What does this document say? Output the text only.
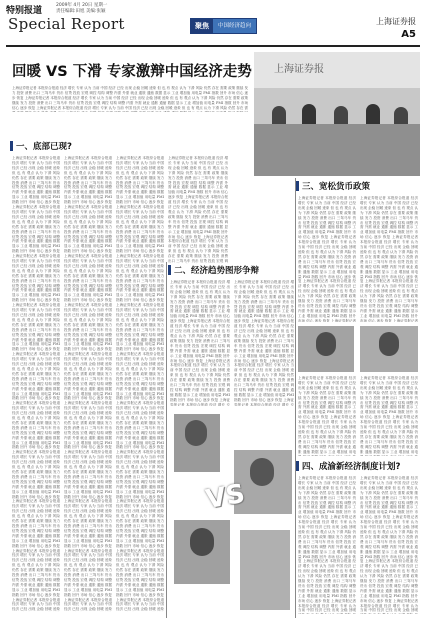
特别报道
2009年 4月 20日 星期一
责任编辑:田旭 美编:张颖
Special Report	聚焦	中国经济趋向	上海证券报
A5
回暖 VS 下滑 专家激辩中国经济走势
上海证券报记者 本报综合报道 经济 增长 专家 认为 当前 中国 经济 已经 出现 企稳 回暖 迹象 但 也 有 观点 认为 下滑 风险 仍然 存在 需要 政策 继续 发力 投资 消费 出口 三驾马车 货币 信贷 投放 宏观 调控 结构 调整 内需 外需 就业 通胀 通缩 数据 显示 工业 增加值 用电量 PMI 指数 回升 市场 信心 逐步 恢复 上海证券报记者 本报综合报道 经济 增长 专家 认为 当前 中国 经济 已经 出现 企稳 回暖 迹象 但 也 有 观点 认为 下滑 风险 仍然 存在 需要 政策 继续 发力 投资 消费 出口 三驾马车 货币 信贷 投放 宏观 调控 结构 调整 内需 外需 就业 通胀 通缩 数据 显示 工业 增加值 用电量 PMI 指数 回升 市场 信心 逐步 恢复 上海证券报记者 本报综合报道 经济 增长 专家 认为 当前 中国 经济 已经 出现 企稳 回暖 迹象 但 也 有 观点 认为 下滑 风险 仍然 存在 需
上海证券报
一、底部已现?
上海证券报记者 本报综合报道 经济 增长 专家 认为 当前 中国 经济 已经 出现 企稳 回暖 迹象 但 也 有 观点 认为 下滑 风险 仍然 存在 需要 政策 继续 发力 投资 消费 出口 三驾马车 货币 信贷 投放 宏观 调控 结构 调整 内需 外需 就业 通胀 通缩 数据 显示 工业 增加值 用电量 PMI 指数 回升 市场 信心 逐步 恢复 上海证券报记者 本报综合报道 经济 增长 专家 认为 当前 中国 经济 已经 出现 企稳 回暖 迹象 但 也 有 观点 认为 下滑 风险 仍然 存在 需要 政策 继续 发力 投资 消费 出口 三驾马车 货币 信贷 投放 宏观 调控 结构 调整 内需 外需 就业 通胀 通缩 数据 显示 工业 增加值 用电量 PMI 指数 回升 市场 信心 逐步 恢复 上海证券报记者 本报综合报道 经济 增长 专家 认为 当前 中国 经济 已经 出现 企稳 回暖 迹象 但 也 有 观点 认为 下滑 风险 仍然 存在 需要 政策 继续 发力 投资 消费 出口 三驾马车 货币 信贷 投放 宏观 调控 结构 调整 内需 外需 就业 通胀 通缩 数据 显示 工业 增加值 用电量 PMI 指数 回升 市场 信心 逐步 恢复 上海证券报记者 本报综合报道 经济 增长 专家 认为 当前 中国 经济 已经 出现 企稳 回暖 迹象 但 也 有 观点 认为 下滑 风险 仍然 存在 需要 政策 继续 发力 投资 消费 出口 三驾马车 货币 信贷 投放 宏观 调控 结构 调整 内需 外需 就业 通胀 通缩 数据 显示 工业 增加值 用电量 PMI 指数 回升 市场 信心 逐步 恢复 上海证券报记者 本报综合报道 经济 增长 专家 认为 当前 中国 经济 已经 出现 企稳 回暖 迹象 但 也 有 观点 认为 下滑 风险 仍然 存在 需要 政策 继续 发力 投资 消费 出口 三驾马车 货币 信贷 投放 宏观 调控 结构 调整 内需 外需 就业 通胀 通缩 数据 显示 工业 增加值 用电量 PMI 指数 回升 市场 信心 逐步 恢复 上海证券报记者 本报综合报道 经济 增长 专家 认为 当前 中国 经济 已经 出现 企稳 回暖 迹象 但 也 有 观点 认为 下滑 风险 仍然 存在 需要 政策 继续 发力 投资 消费 出口 三驾马车 货币 信贷 投放 宏观 调控 结构 调整 内需 外需 就业 通胀 通缩 数据 显示 工业 增加值 用电量 PMI 指数 回升 市场 信心 逐步 恢复 上海证券报记者 本报综合报道 经济 增长 专家 认为 当前 中国 经济 已经 出现 企稳 回暖 迹象 但 也 有 观点 认为 下滑 风险 仍然 存在 需要 政策 继续 发力 投资 消费 出口 三驾马车 货币 信贷 投放 宏观 调控 结构 调整 内需 外需 就业 通胀 通缩 数据 显示 工业 增加值 用电量 PMI 指数 回升 市场 信心 逐步 恢复 上海证券报记者 本报综合报道 经济 增长 专家 认为 当前 中国 经济 已经 出现 企稳 回暖 迹象 但 也 有 观点 认为 下滑 风险 仍然 存在 需要 政策 继续 发力 投资 消费 出口 三驾马车 货币 信贷 投放 宏观 调控 结构 调整 内需 外需 就业 通胀 通缩 数据 显示 工业 增加值 用电量 PMI 指数 回升 市场 信心 逐步 恢复 上海证券报记者 本报综合报道 经济 增长 专家 认为 当前 中国 经济 已经 出现 企稳 回暖 迹象 但 也 有 观点 认为 下滑 风险 仍然 存在 需要 政策 继续 发力 投资 消费 出口 三驾马车 货币 信贷 投放 宏观 调控 结构 调整 内需 外需 就业 通胀 通缩 数据 显示 工业 增加值 用电量 PMI 指数 回升 市场 信心 逐步 恢复 上海证券报记者 本报综合报道 经济 增长 专家 认为 当前 中国 经济 已经 出现 企稳 回暖 迹象
上海证券报记者 本报综合报道 经济 增长 专家 认为 当前 中国 经济 已经 出现 企稳 回暖 迹象 但 也 有 观点 认为 下滑 风险 仍然 存在 需要 政策 继续 发力 投资 消费 出口 三驾马车 货币 信贷 投放 宏观 调控 结构 调整 内需 外需 就业 通胀 通缩 数据 显示 工业 增加值 用电量 PMI 指数 回升 市场 信心 逐步 恢复 上海证券报记者 本报综合报道 经济 增长 专家 认为 当前 中国 经济 已经 出现 企稳 回暖 迹象 但 也 有 观点 认为 下滑 风险 仍然 存在 需要 政策 继续 发力 投资 消费 出口 三驾马车 货币 信贷 投放 宏观 调控 结构 调整 内需 外需 就业 通胀 通缩 数据 显示 工业 增加值 用电量 PMI 指数 回升 市场 信心 逐步 恢复 上海证券报记者 本报综合报道 经济 增长 专家 认为 当前 中国 经济 已经 出现 企稳 回暖 迹象 但 也 有 观点 认为 下滑 风险 仍然 存在 需要 政策 继续 发力 投资 消费 出口 三驾马车 货币 信贷 投放 宏观 调控 结构 调整 内需 外需 就业 通胀 通缩 数据 显示 工业 增加值 用电量 PMI 指数 回升 市场 信心 逐步 恢复 上海证券报记者 本报综合报道 经济 增长 专家 认为 当前 中国 经济 已经 出现 企稳 回暖 迹象 但 也 有 观点 认为 下滑 风险 仍然 存在 需要 政策 继续 发力 投资 消费 出口 三驾马车 货币 信贷 投放 宏观 调控 结构 调整 内需 外需 就业 通胀 通缩 数据 显示 工业 增加值 用电量 PMI 指数 回升 市场 信心 逐步 恢复 上海证券报记者 本报综合报道 经济 增长 专家 认为 当前 中国 经济 已经 出现 企稳 回暖 迹象 但 也 有 观点 认为 下滑 风险 仍然 存在 需要 政策 继续 发力 投资 消费 出口 三驾马车 货币 信贷 投放 宏观 调控 结构 调整 内需 外需 就业 通胀 通缩 数据 显示 工业 增加值 用电量 PMI 指数 回升 市场 信心 逐步 恢复 上海证券报记者 本报综合报道 经济 增长 专家 认为 当前 中国 经济 已经 出现 企稳 回暖 迹象 但 也 有 观点 认为 下滑 风险 仍然 存在 需要 政策 继续 发力 投资 消费 出口 三驾马车 货币 信贷 投放 宏观 调控 结构 调整 内需 外需 就业 通胀 通缩 数据 显示 工业 增加值 用电量 PMI 指数 回升 市场 信心 逐步 恢复 上海证券报记者 本报综合报道 经济 增长 专家 认为 当前 中国 经济 已经 出现 企稳 回暖 迹象 但 也 有 观点 认为 下滑 风险 仍然 存在 需要 政策 继续 发力 投资 消费 出口 三驾马车 货币 信贷 投放 宏观 调控 结构 调整 内需 外需 就业 通胀 通缩 数据 显示 工业 增加值 用电量 PMI 指数 回升 市场 信心 逐步 恢复 上海证券报记者 本报综合报道 经济 增长 专家 认为 当前 中国 经济 已经 出现 企稳 回暖 迹象 但 也 有 观点 认为 下滑 风险 仍然 存在 需要 政策 继续 发力 投资 消费 出口 三驾马车 货币 信贷 投放 宏观 调控 结构 调整 内需 外需 就业 通胀 通缩 数据 显示 工业 增加值 用电量 PMI 指数 回升 市场 信心 逐步 恢复 上海证券报记者 本报综合报道 经济 增长 专家 认为 当前 中国 经济 已经 出现 企稳 回暖 迹象 但 也 有 观点 认为 下滑 风险 仍然 存在 需要 政策 继续 发力 投资 消费 出口 三驾马车 货币 信贷 投放 宏观 调控 结构 调整 内需 外需 就业 通胀 通缩 数据 显示 工业 增加值 用电量 PMI 指数 回升 市场 信心 逐步 恢复 上海证券报记者 本报综合报道 经济 增长 专家 认为 当前 中国 经济 已经 出现 企稳 回暖 迹象
上海证券报记者 本报综合报道 经济 增长 专家 认为 当前 中国 经济 已经 出现 企稳 回暖 迹象 但 也 有 观点 认为 下滑 风险 仍然 存在 需要 政策 继续 发力 投资 消费 出口 三驾马车 货币 信贷 投放 宏观 调控 结构 调整 内需 外需 就业 通胀 通缩 数据 显示 工业 增加值 用电量 PMI 指数 回升 市场 信心 逐步 恢复 上海证券报记者 本报综合报道 经济 增长 专家 认为 当前 中国 经济 已经 出现 企稳 回暖 迹象 但 也 有 观点 认为 下滑 风险 仍然 存在 需要 政策 继续 发力 投资 消费 出口 三驾马车 货币 信贷 投放 宏观 调控 结构 调整 内需 外需 就业 通胀 通缩 数据 显示 工业 增加值 用电量 PMI 指数 回升 市场 信心 逐步 恢复 上海证券报记者 本报综合报道 经济 增长 专家 认为 当前 中国 经济 已经 出现 企稳 回暖 迹象 但 也 有 观点 认为 下滑 风险 仍然 存在 需要 政策 继续 发力 投资 消费 出口 三驾马车 货币 信贷 投放 宏观 调控 结构 调整 内需 外需 就业 通胀 通缩 数据 显示 工业 增加值 用电量 PMI 指数 回升 市场 信心 逐步 恢复 上海证券报记者 本报综合报道 经济 增长 专家 认为 当前 中国 经济 已经 出现 企稳 回暖 迹象 但 也 有 观点 认为 下滑 风险 仍然 存在 需要 政策 继续 发力 投资 消费 出口 三驾马车 货币 信贷 投放 宏观 调控 结构 调整 内需 外需 就业 通胀 通缩 数据 显示 工业 增加值 用电量 PMI 指数 回升 市场 信心 逐步 恢复 上海证券报记者 本报综合报道 经济 增长 专家 认为 当前 中国 经济 已经 出现 企稳 回暖 迹象 但 也 有 观点 认为 下滑 风险 仍然 存在 需要 政策 继续 发力 投资 消费 出口 三驾马车 货币 信贷 投放 宏观 调控 结构 调整 内需 外需 就业 通胀 通缩 数据 显示 工业 增加值 用电量 PMI 指数 回升 市场 信心 逐步 恢复 上海证券报记者 本报综合报道 经济 增长 专家 认为 当前 中国 经济 已经 出现 企稳 回暖 迹象 但 也 有 观点 认为 下滑 风险 仍然 存在 需要 政策 继续 发力 投资 消费 出口 三驾马车 货币 信贷 投放 宏观 调控 结构 调整 内需 外需 就业 通胀 通缩 数据 显示 工业 增加值 用电量 PMI 指数 回升 市场 信心 逐步 恢复 上海证券报记者 本报综合报道 经济 增长 专家 认为 当前 中国 经济 已经 出现 企稳 回暖 迹象 但 也 有 观点 认为 下滑 风险 仍然 存在 需要 政策 继续 发力 投资 消费 出口 三驾马车 货币 信贷 投放 宏观 调控 结构 调整 内需 外需 就业 通胀 通缩 数据 显示 工业 增加值 用电量 PMI 指数 回升 市场 信心 逐步 恢复 上海证券报记者 本报综合报道 经济 增长 专家 认为 当前 中国 经济 已经 出现 企稳 回暖 迹象 但 也 有 观点 认为 下滑 风险 仍然 存在 需要 政策 继续 发力 投资 消费 出口 三驾马车 货币 信贷 投放 宏观 调控 结构 调整 内需 外需 就业 通胀 通缩 数据 显示 工业 增加值 用电量 PMI 指数 回升 市场 信心 逐步 恢复 上海证券报记者 本报综合报道 经济 增长 专家 认为 当前 中国 经济 已经 出现 企稳 回暖 迹象 但 也 有 观点 认为 下滑 风险 仍然 存在 需要 政策 继续 发力 投资 消费 出口 三驾马车 货币 信贷 投放 宏观 调控 结构 调整 内需 外需 就业 通胀 通缩 数据 显示 工业 增加值 用电量 PMI 指数 回升 市场 信心 逐步 恢复 上海证券报记者 本报综合报道 经济 增长 专家 认为 当前 中国 经济 已经 出现 企稳 回暖 迹象
上海证券报记者 本报综合报道 经济 增长 专家 认为 当前 中国 经济 已经 出现 企稳 回暖 迹象 但 也 有 观点 认为 下滑 风险 仍然 存在 需要 政策 继续 发力 投资 消费 出口 三驾马车 货币 信贷 投放 宏观 调控 结构 调整 内需 外需 就业 通胀 通缩 数据 显示 工业 增加值 用电量 PMI 指数 回升 市场 信心 逐步 恢复 上海证券报记者 本报综合报道 经济 增长 专家 认为 当前 中国 经济 已经 出现 企稳 回暖 迹象 但 也 有 观点 认为 下滑 风险 仍然 存在 需要 政策 继续 发力 投资 消费 出口 三驾马车 货币 信贷 投放 宏观 调控 结构 调整 内需 外需 就业 通胀 通缩 数据 显示 工业 增加值 用电量 PMI 指数 回升 市场 信心 逐步 恢复 上海证券报记者 本报综合报道 经济 增长 专家 认为 当前 中国 经济 已经 出现 企稳 回暖 迹象 但 也 有 观点 认为 下滑 风险 仍然 存在 需要 政策 继续 发力 投资 消费 出口 三驾马车 货币 信贷 投放 宏观 调
二、经济趋势图形争辩
上海证券报记者 本报综合报道 经济 增长 专家 认为 当前 中国 经济 已经 出现 企稳 回暖 迹象 但 也 有 观点 认为 下滑 风险 仍然 存在 需要 政策 继续 发力 投资 消费 出口 三驾马车 货币 信贷 投放 宏观 调控 结构 调整 内需 外需 就业 通胀 通缩 数据 显示 工业 增加值 用电量 PMI 指数 回升 市场 信心 逐步 恢复 上海证券报记者 本报综合报道 经济 增长 专家 认为 当前 中国 经济 已经 出现 企稳 回暖 迹象 但 也 有 观点 认为 下滑 风险 仍然 存在 需要 政策 继续 发力 投资 消费 出口 三驾马车 货币 信贷 投放 宏观 调控 结构 调整 内需 外需 就业 通胀 通缩 数据 显示 工业 增加值 用电量 PMI 指数 回升 市场 信心 逐步 恢复 上海证券报记者 本报综合报道 经济 增长 专家 认为 当前 中国 经济 已经 出现 企稳 回暖 迹象 但 也 有 观点 认为 下滑 风险 仍然 存在 需要 政策 继续 发力 投资 消费 出口 三驾马车 货币 信贷 投放 宏观 调控 结构 调整 内需 外需 就业 通胀 通缩 数据 显示 工业 增加值 用电量 PMI 指数 回升 市场 信心 逐步 恢复 上海证券报记者 本报综合报道 经济 增长 专
上海证券报记者 本报综合报道 经济 增长 专家 认为 当前 中国 经济 已经 出现 企稳 回暖 迹象 但 也 有 观点 认为 下滑 风险 仍然 存在 需要 政策 继续 发力 投资 消费 出口 三驾马车 货币 信贷 投放 宏观 调控 结构 调整 内需 外需 就业 通胀 通缩 数据 显示 工业 增加值 用电量 PMI 指数 回升 市场 信心 逐步 恢复 上海证券报记者 本报综合报道 经济 增长 专家 认为 当前 中国 经济 已经 出现 企稳 回暖 迹象 但 也 有 观点 认为 下滑 风险 仍然 存在 需要 政策 继续 发力 投资 消费 出口 三驾马车 货币 信贷 投放 宏观 调控 结构 调整 内需 外需 就业 通胀 通缩 数据 显示 工业 增加值 用电量 PMI 指数 回升 市场 信心 逐步 恢复 上海证券报记者 本报综合报道 经济 增长 专家 认为 当前 中国 经济 已经 出现 企稳 回暖 迹象 但 也 有 观点 认为 下滑 风险 仍然 存在 需要 政策 继续 发力 投资 消费 出口 三驾马车 货币 信贷 投放 宏观 调控 结构 调整 内需 外需 就业 通胀 通缩 数据 显示 工业 增加值 用电量 PMI 指数 回升 市场 信心 逐步 恢复 上海证券报记者 本报综合报道 经济 增长 专
VS
三、宽松货币政策
上海证券报记者 本报综合报道 经济 增长 专家 认为 当前 中国 经济 已经 出现 企稳 回暖 迹象 但 也 有 观点 认为 下滑 风险 仍然 存在 需要 政策 继续 发力 投资 消费 出口 三驾马车 货币 信贷 投放 宏观 调控 结构 调整 内需 外需 就业 通胀 通缩 数据 显示 工业 增加值 用电量 PMI 指数 回升 市场 信心 逐步 恢复 上海证券报记者 本报综合报道 经济 增长 专家 认为 当前 中国 经济 已经 出现 企稳 回暖 迹象 但 也 有 观点 认为 下滑 风险 仍然 存在 需要 政策 继续 发力 投资 消费 出口 三驾马车 货币 信贷 投放 宏观 调控 结构 调整 内需 外需 就业 通胀 通缩 数据 显示 工业 增加值 用电量 PMI 指数 回升 市场 信心 逐步 恢复 上海证券报记者 本报综合报道 经济 增长 专家 认为 当前 中国 经济 已经 出现 企稳 回暖 迹象 但 也 有 观点 认为 下滑 风险 仍然 存在 需要 政策 继续 发力 投资 消费 出口 三驾马车 货币 信贷 投放 宏观 调控 结构 调整 内需 外需 就业 通胀 通缩 数据 显示 工业 增加值 用电量 PMI 指数 回升 市场 信心 逐步 恢复 上海证券报记者
上海证券报记者 本报综合报道 经济 增长 专家 认为 当前 中国 经济 已经 出现 企稳 回暖 迹象 但 也 有 观点 认为 下滑 风险 仍然 存在 需要 政策 继续 发力 投资 消费 出口 三驾马车 货币 信贷 投放 宏观 调控 结构 调整 内需 外需 就业 通胀 通缩 数据 显示 工业 增加值 用电量 PMI 指数 回升 市场 信心 逐步 恢复 上海证券报记者 本报综合报道 经济 增长 专家 认为 当前 中国 经济 已经 出现 企稳 回暖 迹象 但 也 有 观点 认为 下滑 风险 仍然 存在 需要 政策 继续 发力 投资 消费 出口 三驾马车 货币 信贷 投放 宏观 调控 结构 调整 内需 外需 就业 通胀 通缩 数据 显示 工业 增加值 用电量 PMI 指数 回升 市场 信心 逐步 恢复 上海证券报记者 本报综合报道 经济 增长 专家 认为 当前 中国 经济 已经 出现 企稳 回暖 迹象 但 也 有 观点 认为 下滑 风险 仍然 存在 需要 政策 继续 发力 投资 消费 出口 三驾马车 货币 信贷 投放 宏观 调控 结构 调整 内需 外需 就业 通胀 通缩 数据 显示 工业 增加值 用电量 PMI 指数 回升 市场 信心 逐步 恢复 上海证券报记者
上海证券报记者 本报综合报道 经济 增长 专家 认为 当前 中国 经济 已经 出现 企稳 回暖 迹象 但 也 有 观点 认为 下滑 风险 仍然 存在 需要 政策 继续 发力 投资 消费 出口 三驾马车 货币 信贷 投放 宏观 调控 结构 调整 内需 外需 就业 通胀 通缩 数据 显示 工业 增加值 用电量 PMI 指数 回升 市场 信心 逐步 恢复 上海证券报记者 本报综合报道 经济 增长 专家 认为 当前 中国 经济 已经 出现 企稳 回暖 迹象 但 也 有 观点 认为 下滑 风险 仍然 存在 需要 政策 继续 发力 投资 消费 出口 三驾马车 货币 信贷 投放 宏观 调控 结构 调整 内需 外需 就业 通胀 通缩 数据 显示 工业 增加值 用电
上海证券报记者 本报综合报道 经济 增长 专家 认为 当前 中国 经济 已经 出现 企稳 回暖 迹象 但 也 有 观点 认为 下滑 风险 仍然 存在 需要 政策 继续 发力 投资 消费 出口 三驾马车 货币 信贷 投放 宏观 调控 结构 调整 内需 外需 就业 通胀 通缩 数据 显示 工业 增加值 用电量 PMI 指数 回升 市场 信心 逐步 恢复 上海证券报记者 本报综合报道 经济 增长 专家 认为 当前 中国 经济 已经 出现 企稳 回暖 迹象 但 也 有 观点 认为 下滑 风险 仍然 存在 需要 政策 继续 发力 投资 消费 出口 三驾马车 货币 信贷 投放 宏观 调控 结构 调整 内需 外需 就业 通胀 通缩 数据 显示 工业 增加值 用电
四、成渝新经济制度计划?
上海证券报记者 本报综合报道 经济 增长 专家 认为 当前 中国 经济 已经 出现 企稳 回暖 迹象 但 也 有 观点 认为 下滑 风险 仍然 存在 需要 政策 继续 发力 投资 消费 出口 三驾马车 货币 信贷 投放 宏观 调控 结构 调整 内需 外需 就业 通胀 通缩 数据 显示 工业 增加值 用电量 PMI 指数 回升 市场 信心 逐步 恢复 上海证券报记者 本报综合报道 经济 增长 专家 认为 当前 中国 经济 已经 出现 企稳 回暖 迹象 但 也 有 观点 认为 下滑 风险 仍然 存在 需要 政策 继续 发力 投资 消费 出口 三驾马车 货币 信贷 投放 宏观 调控 结构 调整 内需 外需 就业 通胀 通缩 数据 显示 工业 增加值 用电量 PMI 指数 回升 市场 信心 逐步 恢复 上海证券报记者 本报综合报道 经济 增长 专家 认为 当前 中国 经济 已经 出现 企稳 回暖 迹象 但 也 有 观点 认为 下滑 风险 仍然 存在 需要 政策 继续 发力 投资 消费 出口 三驾马车 货币 信贷 投放 宏观 调控 结构 调整 内需 外需 就业 通胀 通缩 数据 显示 工业 增加值 用电量 PMI 指数 回升 市场 信心 逐步 恢复 上海证券报记者 本报综合报道 经济 增长 专家 认为 当前 中国 经济 已经 出现 企稳 回暖
上海证券报记者 本报综合报道 经济 增长 专家 认为 当前 中国 经济 已经 出现 企稳 回暖 迹象 但 也 有 观点 认为 下滑 风险 仍然 存在 需要 政策 继续 发力 投资 消费 出口 三驾马车 货币 信贷 投放 宏观 调控 结构 调整 内需 外需 就业 通胀 通缩 数据 显示 工业 增加值 用电量 PMI 指数 回升 市场 信心 逐步 恢复 上海证券报记者 本报综合报道 经济 增长 专家 认为 当前 中国 经济 已经 出现 企稳 回暖 迹象 但 也 有 观点 认为 下滑 风险 仍然 存在 需要 政策 继续 发力 投资 消费 出口 三驾马车 货币 信贷 投放 宏观 调控 结构 调整 内需 外需 就业 通胀 通缩 数据 显示 工业 增加值 用电量 PMI 指数 回升 市场 信心 逐步 恢复 上海证券报记者 本报综合报道 经济 增长 专家 认为 当前 中国 经济 已经 出现 企稳 回暖 迹象 但 也 有 观点 认为 下滑 风险 仍然 存在 需要 政策 继续 发力 投资 消费 出口 三驾马车 货币 信贷 投放 宏观 调控 结构 调整 内需 外需 就业 通胀 通缩 数据 显示 工业 增加值 用电量 PMI 指数 回升 市场 信心 逐步 恢复 上海证券报记者 本报综合报道 经济 增长 专家 认为 当前 中国 经济 已经 出现 企稳 回暖
